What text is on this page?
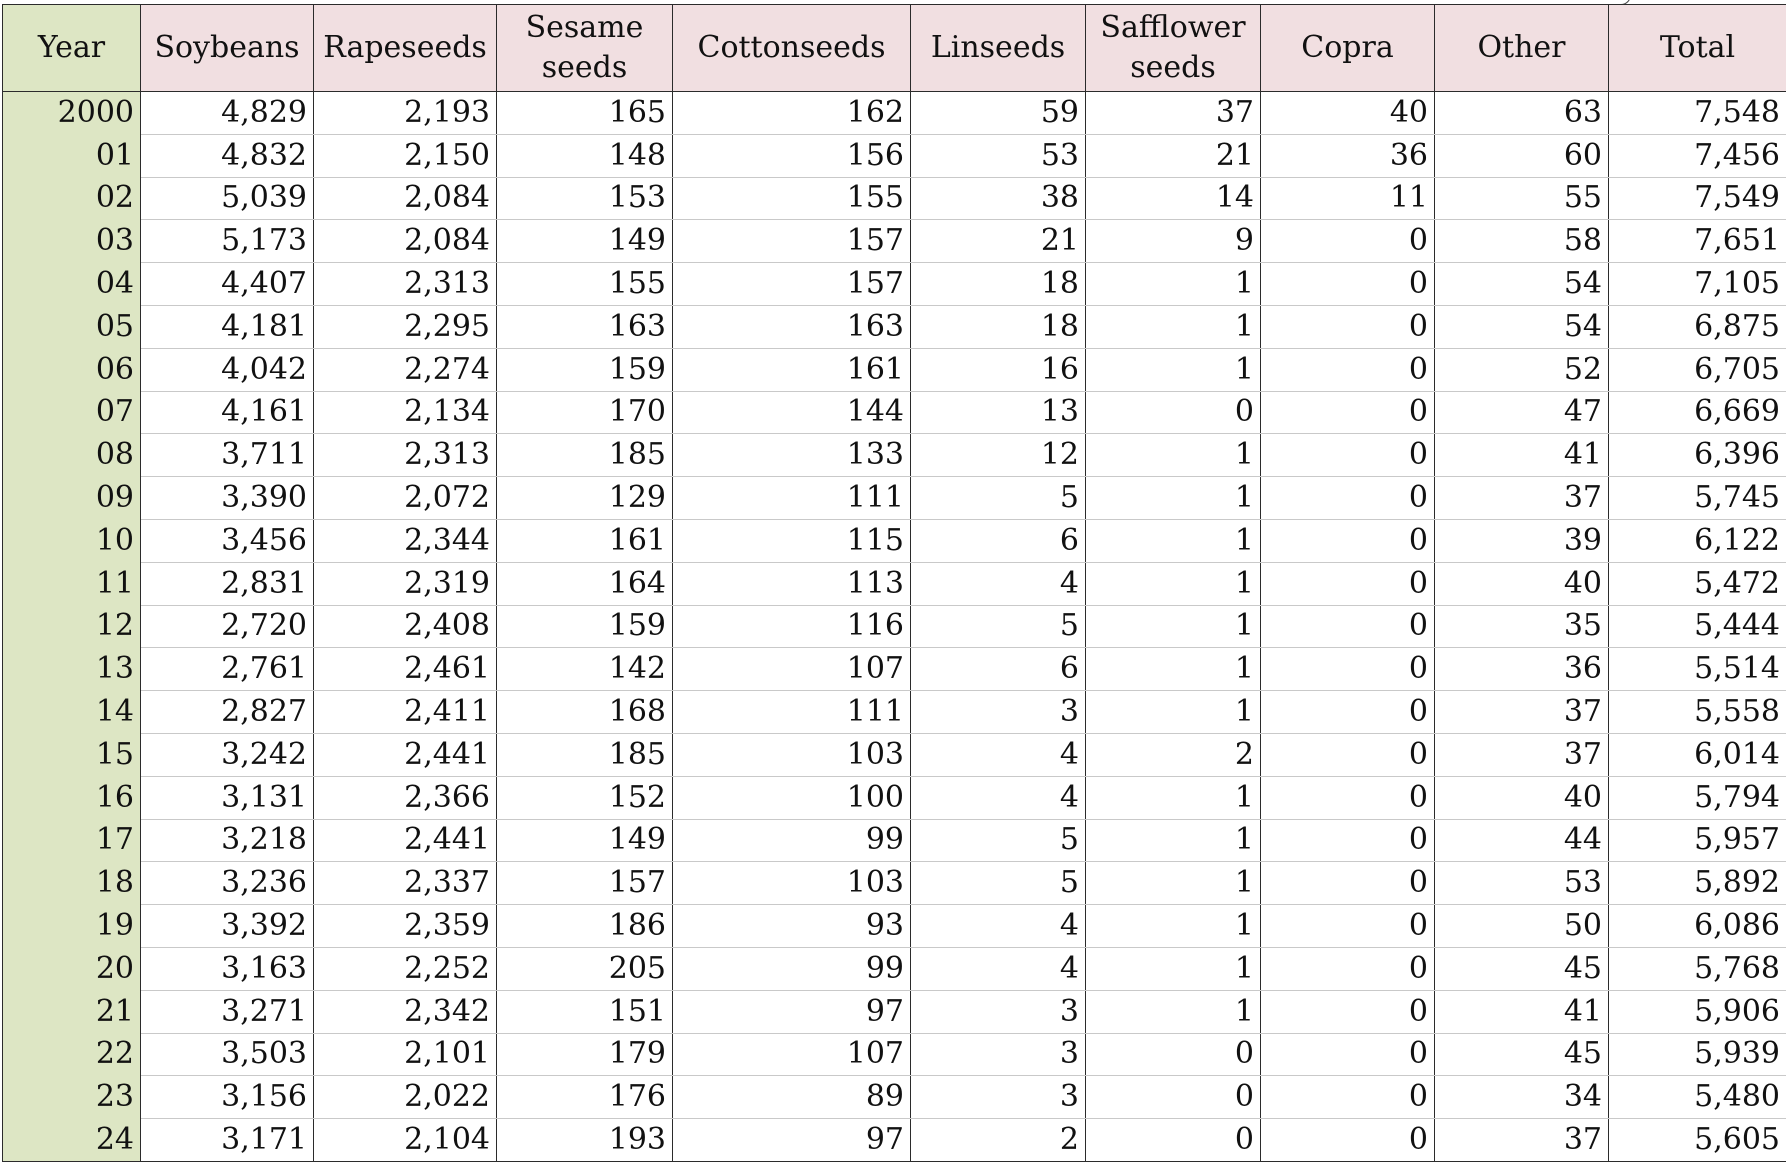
Year	Soybeans	Rapeseeds	Sesame seeds	Cottonseeds	Linseeds	Safflower seeds	Copra	Other	Total
2000	4,829	2,193	165	162	59	37	40	63	7,548
01	4,832	2,150	148	156	53	21	36	60	7,456
02	5,039	2,084	153	155	38	14	11	55	7,549
03	5,173	2,084	149	157	21	9	0	58	7,651
04	4,407	2,313	155	157	18	1	0	54	7,105
05	4,181	2,295	163	163	18	1	0	54	6,875
06	4,042	2,274	159	161	16	1	0	52	6,705
07	4,161	2,134	170	144	13	0	0	47	6,669
08	3,711	2,313	185	133	12	1	0	41	6,396
09	3,390	2,072	129	111	5	1	0	37	5,745
10	3,456	2,344	161	115	6	1	0	39	6,122
11	2,831	2,319	164	113	4	1	0	40	5,472
12	2,720	2,408	159	116	5	1	0	35	5,444
13	2,761	2,461	142	107	6	1	0	36	5,514
14	2,827	2,411	168	111	3	1	0	37	5,558
15	3,242	2,441	185	103	4	2	0	37	6,014
16	3,131	2,366	152	100	4	1	0	40	5,794
17	3,218	2,441	149	99	5	1	0	44	5,957
18	3,236	2,337	157	103	5	1	0	53	5,892
19	3,392	2,359	186	93	4	1	0	50	6,086
20	3,163	2,252	205	99	4	1	0	45	5,768
21	3,271	2,342	151	97	3	1	0	41	5,906
22	3,503	2,101	179	107	3	0	0	45	5,939
23	3,156	2,022	176	89	3	0	0	34	5,480
24	3,171	2,104	193	97	2	0	0	37	5,605
